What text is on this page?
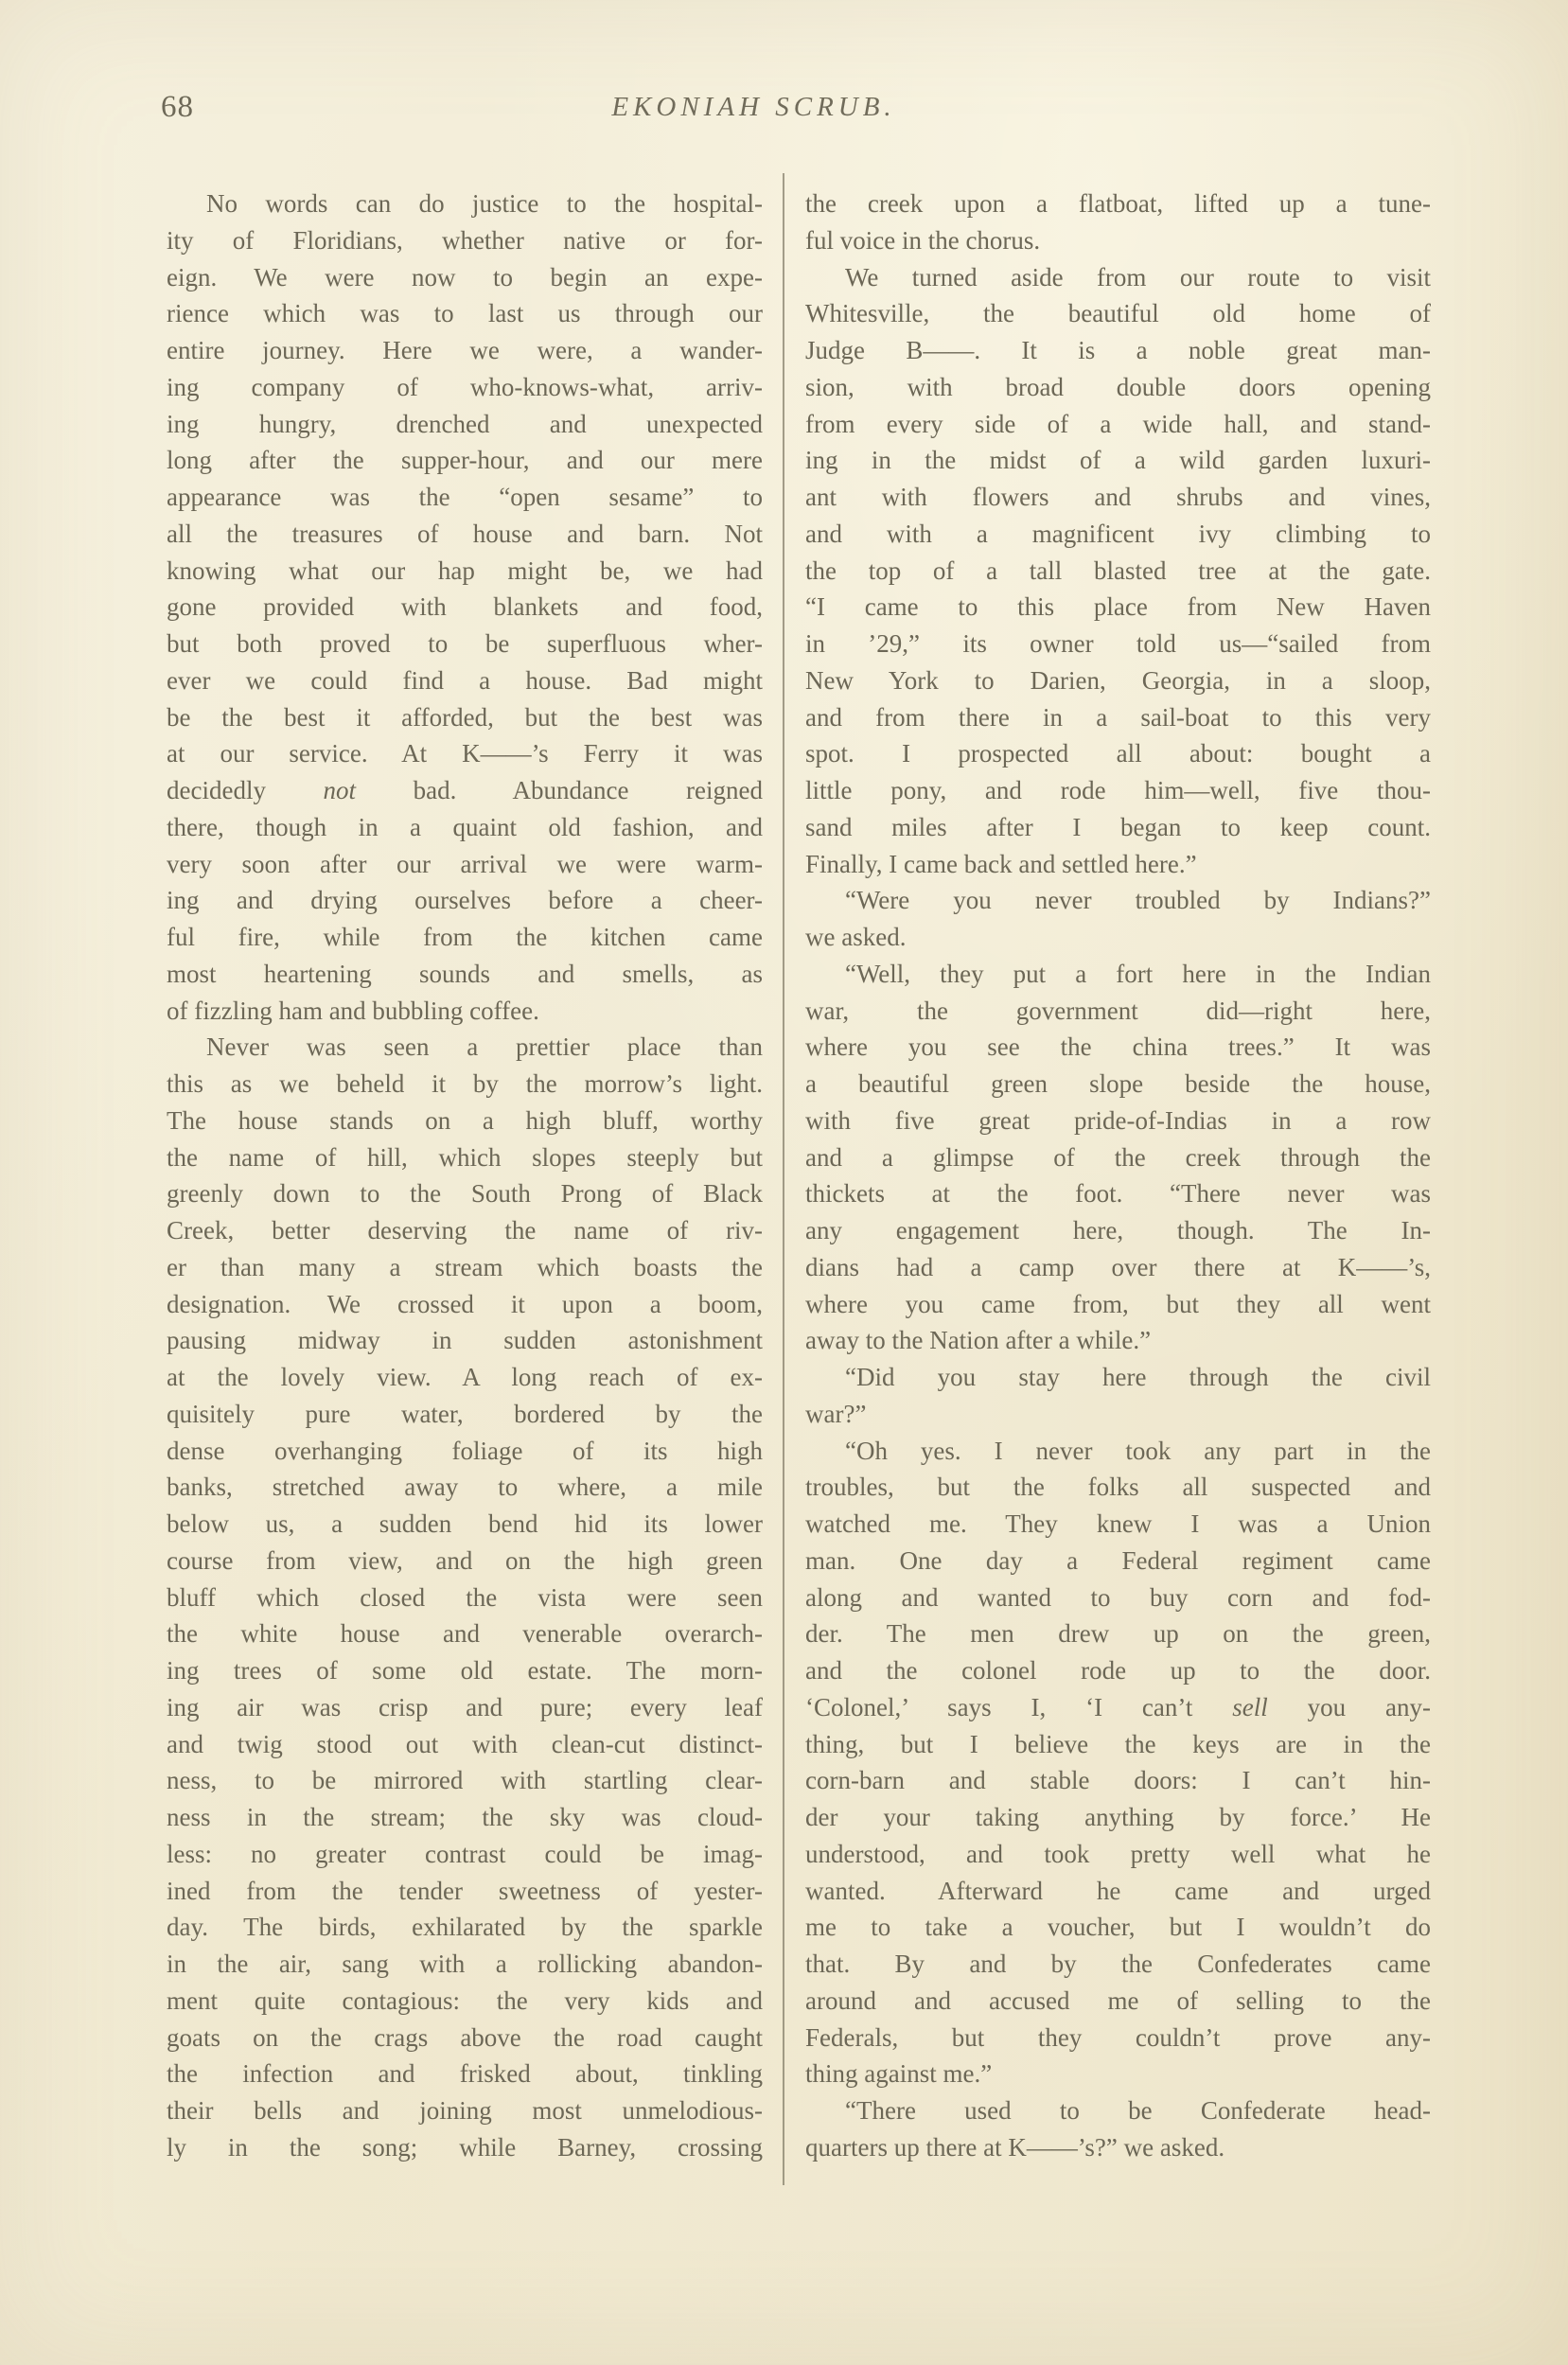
68	EKONIAH SCRUB.
No words can do justice to the hospital-
ity of Floridians, whether native or for-
eign. We were now to begin an expe-
rience which was to last us through our
entire journey. Here we were, a wander-
ing company of who-knows-what, arriv-
ing hungry, drenched and unexpected
long after the supper-hour, and our mere
appearance was the “open sesame” to
all the treasures of house and barn. Not
knowing what our hap might be, we had
gone provided with blankets and food,
but both proved to be superfluous wher-
ever we could find a house. Bad might
be the best it afforded, but the best was
at our service. At K——’s Ferry it was
decidedly not bad. Abundance reigned
there, though in a quaint old fashion, and
very soon after our arrival we were warm-
ing and drying ourselves before a cheer-
ful fire, while from the kitchen came
most heartening sounds and smells, as
of fizzling ham and bubbling coffee.
Never was seen a prettier place than
this as we beheld it by the morrow’s light.
The house stands on a high bluff, worthy
the name of hill, which slopes steeply but
greenly down to the South Prong of Black
Creek, better deserving the name of riv-
er than many a stream which boasts the
designation. We crossed it upon a boom,
pausing midway in sudden astonishment
at the lovely view. A long reach of ex-
quisitely pure water, bordered by the
dense overhanging foliage of its high
banks, stretched away to where, a mile
below us, a sudden bend hid its lower
course from view, and on the high green
bluff which closed the vista were seen
the white house and venerable overarch-
ing trees of some old estate. The morn-
ing air was crisp and pure; every leaf
and twig stood out with clean-cut distinct-
ness, to be mirrored with startling clear-
ness in the stream; the sky was cloud-
less: no greater contrast could be imag-
ined from the tender sweetness of yester-
day. The birds, exhilarated by the sparkle
in the air, sang with a rollicking abandon-
ment quite contagious: the very kids and
goats on the crags above the road caught
the infection and frisked about, tinkling
their bells and joining most unmelodious-
ly in the song; while Barney, crossing
the creek upon a flatboat, lifted up a tune-
ful voice in the chorus.
We turned aside from our route to visit
Whitesville, the beautiful old home of
Judge B——. It is a noble great man-
sion, with broad double doors opening
from every side of a wide hall, and stand-
ing in the midst of a wild garden luxuri-
ant with flowers and shrubs and vines,
and with a magnificent ivy climbing to
the top of a tall blasted tree at the gate.
“I came to this place from New Haven
in ’29,” its owner told us—“sailed from
New York to Darien, Georgia, in a sloop,
and from there in a sail-boat to this very
spot. I prospected all about: bought a
little pony, and rode him—well, five thou-
sand miles after I began to keep count.
Finally, I came back and settled here.”
“Were you never troubled by Indians?”
we asked.
“Well, they put a fort here in the Indian
war, the government did—right here,
where you see the china trees.” It was
a beautiful green slope beside the house,
with five great pride-of-Indias in a row
and a glimpse of the creek through the
thickets at the foot. “There never was
any engagement here, though. The In-
dians had a camp over there at K——’s,
where you came from, but they all went
away to the Nation after a while.”
“Did you stay here through the civil
war?”
“Oh yes. I never took any part in the
troubles, but the folks all suspected and
watched me. They knew I was a Union
man. One day a Federal regiment came
along and wanted to buy corn and fod-
der. The men drew up on the green,
and the colonel rode up to the door.
‘Colonel,’ says I, ‘I can’t sell you any-
thing, but I believe the keys are in the
corn-barn and stable doors: I can’t hin-
der your taking anything by force.’ He
understood, and took pretty well what he
wanted. Afterward he came and urged
me to take a voucher, but I wouldn’t do
that. By and by the Confederates came
around and accused me of selling to the
Federals, but they couldn’t prove any-
thing against me.”
“There used to be Confederate head-
quarters up there at K——’s?” we asked.
